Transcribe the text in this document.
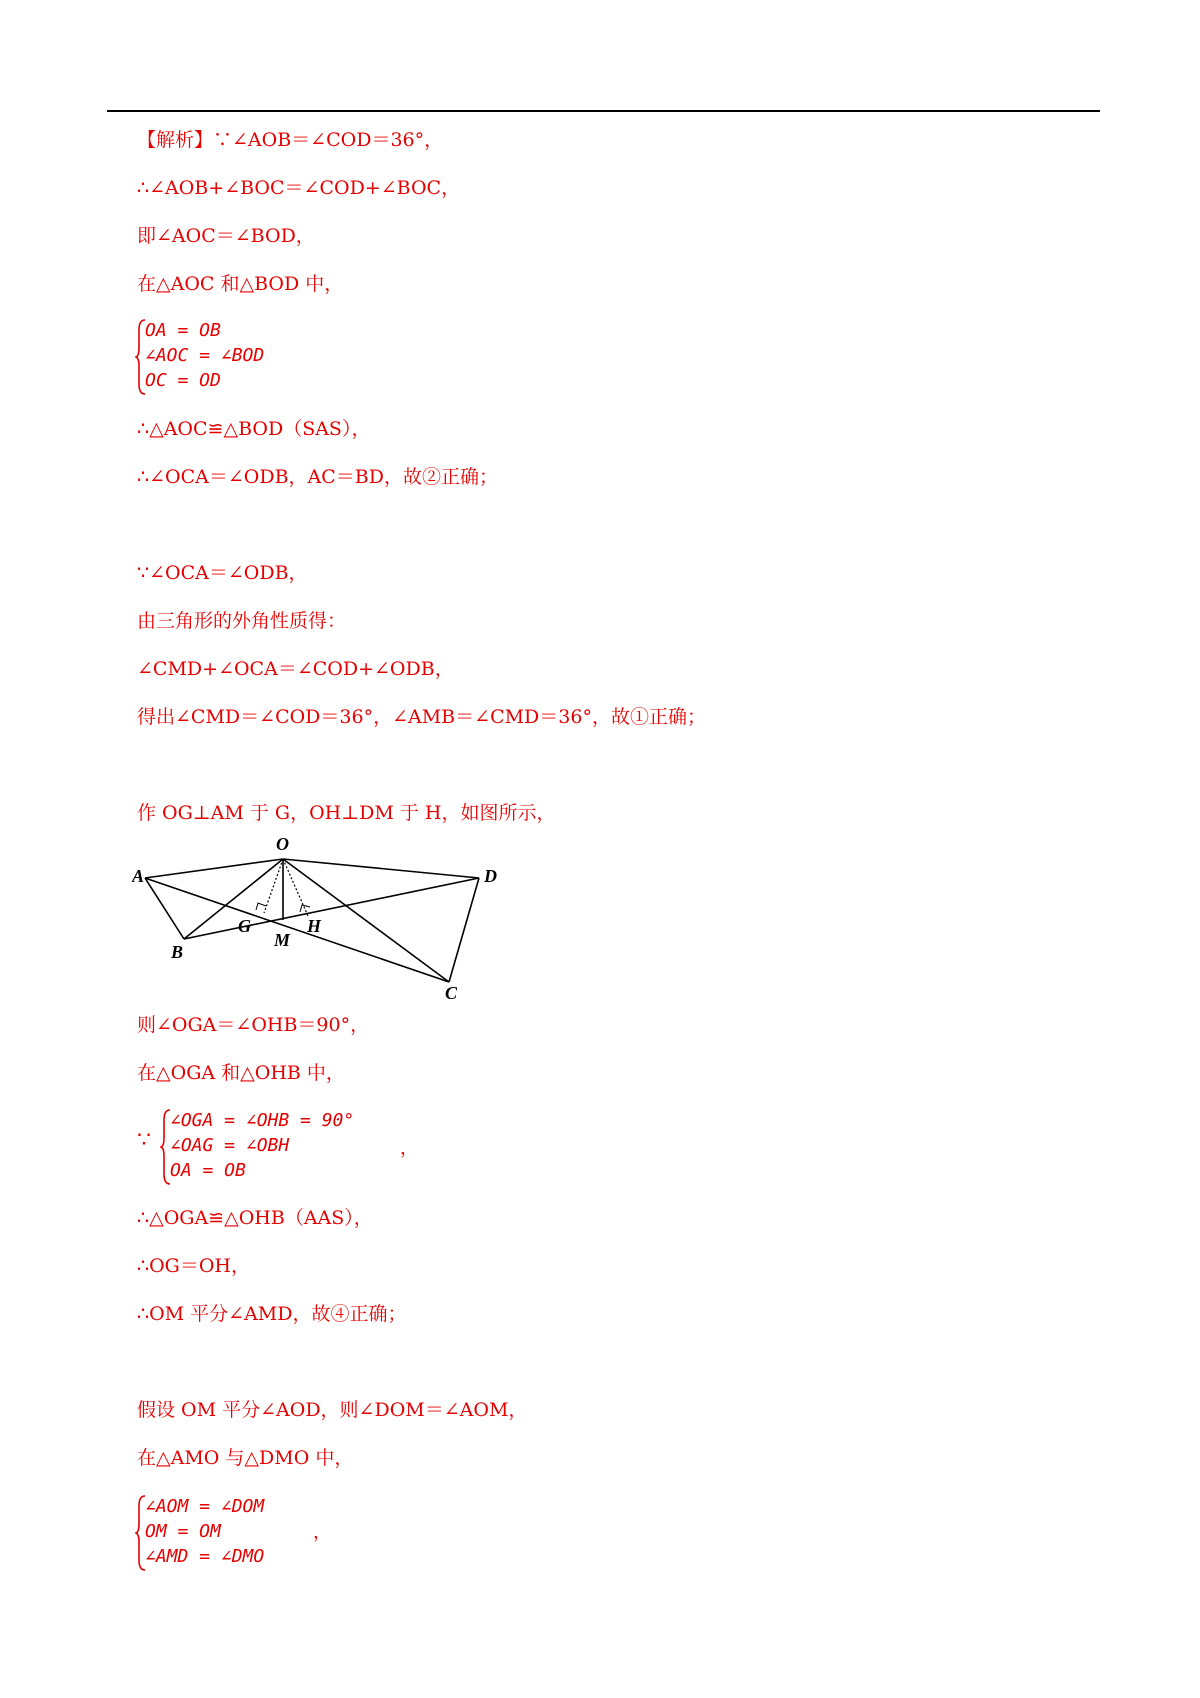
【解析】∵∠AOB＝∠COD＝36°，
∴∠AOB+∠BOC＝∠COD+∠BOC，
即∠AOC＝∠BOD，
在△AOC 和△BOD 中，
OA = OB
∠AOC = ∠BOD
OC = OD
∴△AOC≌△BOD（SAS），
∴∠OCA＝∠ODB，AC＝BD，故②正确；
∵∠OCA＝∠ODB，
由三角形的外角性质得：
∠CMD+∠OCA＝∠COD+∠ODB，
得出∠CMD＝∠COD＝36°，∠AMB＝∠CMD＝36°，故①正确；
作 OG⊥AM 于 G，OH⊥DM 于 H，如图所示，
O
A	D
G	H
M
B
C
则∠OGA＝∠OHB＝90°，
在△OGA 和△OHB 中，
∵
∠OGA = ∠OHB = 90°
∠OAG = ∠OBH
OA = OB
，
∴△OGA≌△OHB（AAS），
∴OG＝OH，
∴OM 平分∠AMD，故④正确；
假设 OM 平分∠AOD，则∠DOM＝∠AOM，
在△AMO 与△DMO 中，
∠AOM = ∠DOM
OM = OM
∠AMD = ∠DMO
，
